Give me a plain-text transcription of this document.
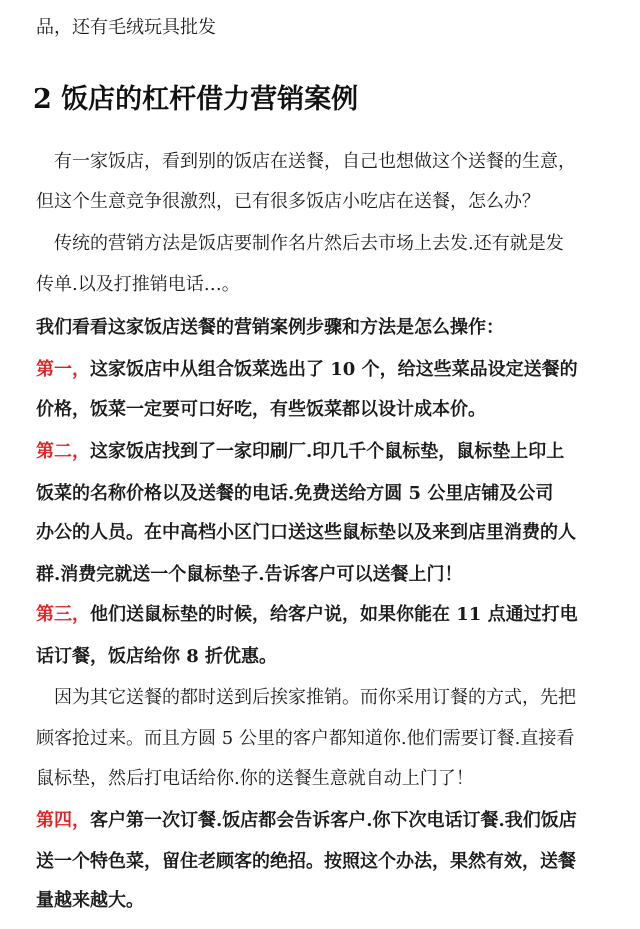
品，还有毛绒玩具批发
2 饭店的杠杆借力营销案例
有一家饭店，看到别的饭店在送餐，自己也想做这个送餐的生意，
但这个生意竞争很激烈，已有很多饭店小吃店在送餐，怎么办？
传统的营销方法是饭店要制作名片然后去市场上去发.还有就是发
传单.以及打推销电话…。
我们看看这家饭店送餐的营销案例步骤和方法是怎么操作：
第一，这家饭店中从组合饭菜选出了 10 个，给这些菜品设定送餐的
价格，饭菜一定要可口好吃，有些饭菜都以设计成本价。
第二，这家饭店找到了一家印刷厂.印几千个鼠标垫，鼠标垫上印上
饭菜的名称价格以及送餐的电话.免费送给方圆 5 公里店铺及公司
办公的人员。在中高档小区门口送这些鼠标垫以及来到店里消费的人
群.消费完就送一个鼠标垫子.告诉客户可以送餐上门！
第三，他们送鼠标垫的时候，给客户说，如果你能在 11 点通过打电
话订餐，饭店给你 8 折优惠。
因为其它送餐的都时送到后挨家推销。而你采用订餐的方式，先把
顾客抢过来。而且方圆 5 公里的客户都知道你.他们需要订餐.直接看
鼠标垫，然后打电话给你.你的送餐生意就自动上门了！
第四，客户第一次订餐.饭店都会告诉客户.你下次电话订餐.我们饭店
送一个特色菜，留住老顾客的绝招。按照这个办法，果然有效，送餐
量越来越大。
